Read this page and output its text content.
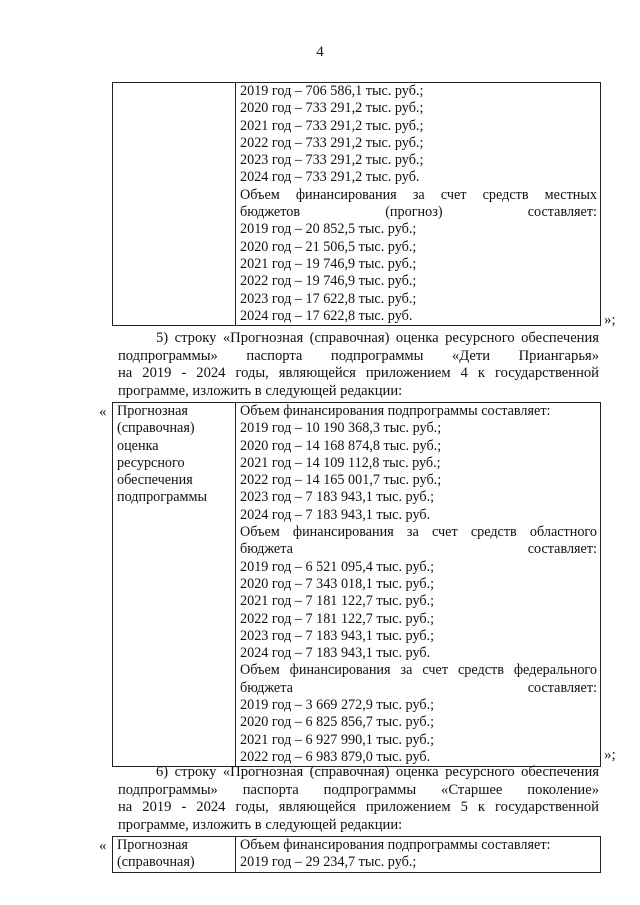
4

2019 год – 706 586,1 тыс. руб.;
2020 год – 733 291,2 тыс. руб.;
2021 год – 733 291,2 тыс. руб.;
2022 год – 733 291,2 тыс. руб.;
2023 год – 733 291,2 тыс. руб.;
2024 год – 733 291,2 тыс. руб.
Объем финансирования за счет средств местных бюджетов (прогноз) составляет:
2019 год – 20 852,5 тыс. руб.;
2020 год – 21 506,5 тыс. руб.;
2021 год – 19 746,9 тыс. руб.;
2022 год – 19 746,9 тыс. руб.;
2023 год – 17 622,8 тыс. руб.;
2024 год – 17 622,8 тыс. руб.	»;
5) строку «Прогнозная (справочная) оценка ресурсного обеспечения
подпрограммы» паспорта подпрограммы «Дети Приангарья»
на 2019 - 2024 годы, являющейся приложением 4 к государственной
программе, изложить в следующей редакции:
« Прогнозная
(справочная)
оценка
ресурсного
обеспечения
подпрограммы

Объем финансирования подпрограммы составляет:
2019 год – 10 190 368,3 тыс. руб.;
2020 год – 14 168 874,8 тыс. руб.;
2021 год – 14 109 112,8 тыс. руб.;
2022 год – 14 165 001,7 тыс. руб.;
2023 год – 7 183 943,1 тыс. руб.;
2024 год – 7 183 943,1 тыс. руб.
Объем финансирования за счет средств областного бюджета составляет:
2019 год – 6 521 095,4 тыс. руб.;
2020 год – 7 343 018,1 тыс. руб.;
2021 год – 7 181 122,7 тыс. руб.;
2022 год – 7 181 122,7 тыс. руб.;
2023 год – 7 183 943,1 тыс. руб.;
2024 год – 7 183 943,1 тыс. руб.
Объем финансирования за счет средств федерального бюджета составляет:
2019 год – 3 669 272,9 тыс. руб.;
2020 год – 6 825 856,7 тыс. руб.;
2021 год – 6 927 990,1 тыс. руб.;
2022 год – 6 983 879,0 тыс. руб.	»;
6) строку «Прогнозная (справочная) оценка ресурсного обеспечения
подпрограммы» паспорта подпрограммы «Старшее поколение»
на 2019 - 2024 годы, являющейся приложением 5 к государственной
программе, изложить в следующей редакции:
« Прогнозная
(справочная)

Объем финансирования подпрограммы составляет:
2019 год – 29 234,7 тыс. руб.;
